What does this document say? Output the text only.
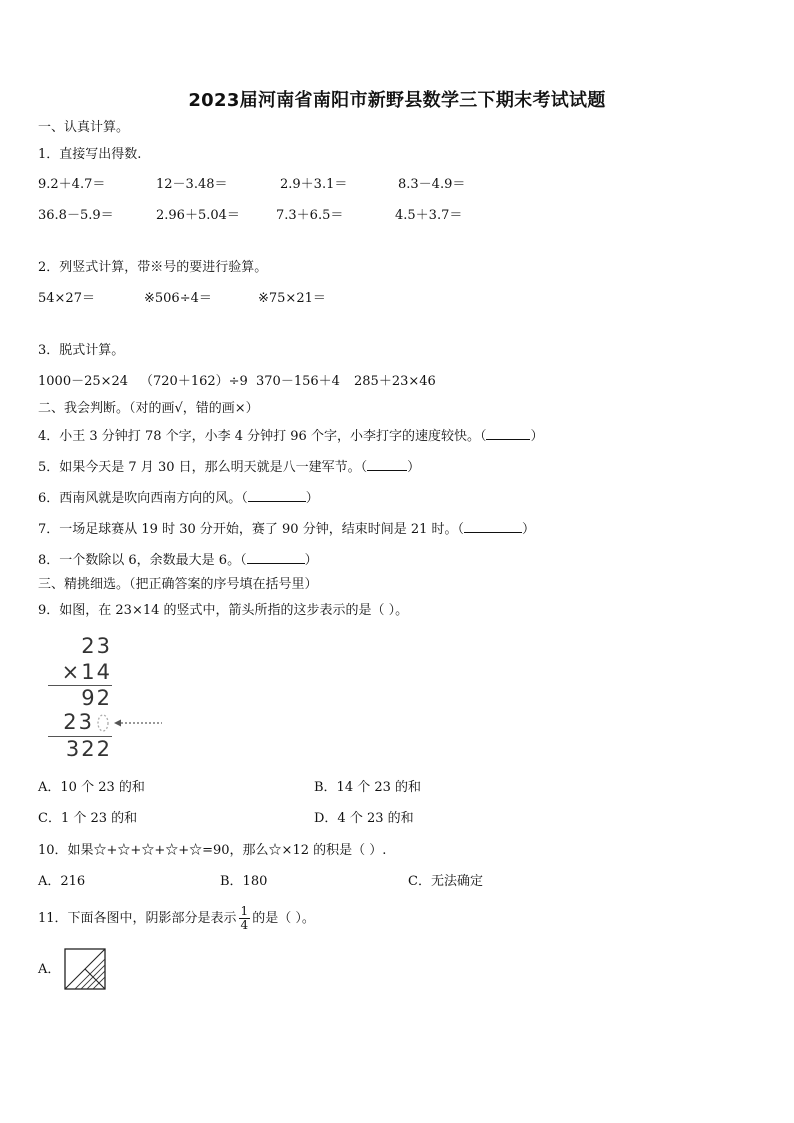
2023届河南省南阳市新野县数学三下期末考试试题
一、认真计算。
1．直接写出得数.
9.2＋4.7＝	12－3.48＝	2.9＋3.1＝	8.3－4.9＝
36.8－5.9＝	2.96＋5.04＝	7.3＋6.5＝	4.5＋3.7＝
2．列竖式计算，带※号的要进行验算。
54×27＝	※506÷4＝	※75×21＝
3．脱式计算。
1000－25×24 （720＋162）÷9 370－156＋4 285＋23×46
二、我会判断。（对的画√，错的画×）
4．小王 3 分钟打 78 个字，小李 4 分钟打 96 个字，小李打字的速度较快。（	）
5．如果今天是 7 月 30 日，那么明天就是八一建军节。（	）
6．西南风就是吹向西南方向的风。（	）
7．一场足球赛从 19 时 30 分开始，赛了 90 分钟，结束时间是 21 时。（	）
8．一个数除以 6，余数最大是 6。（	）
三、精挑细选。（把正确答案的序号填在括号里）
9．如图，在 23×14 的竖式中，箭头所指的这步表示的是（ ）。
23
×14
92
23
322
A．10 个 23 的和	B．14 个 23 的和
C．1 个 23 的和	D．4 个 23 的和
10．如果☆+☆+☆+☆+☆=90，那么☆×12 的积是（ ）.
A．216	B．180	C．无法确定
11．下面各图中，阴影部分是表示 $\frac{1}{4}$ 的是（ ）。
A．
